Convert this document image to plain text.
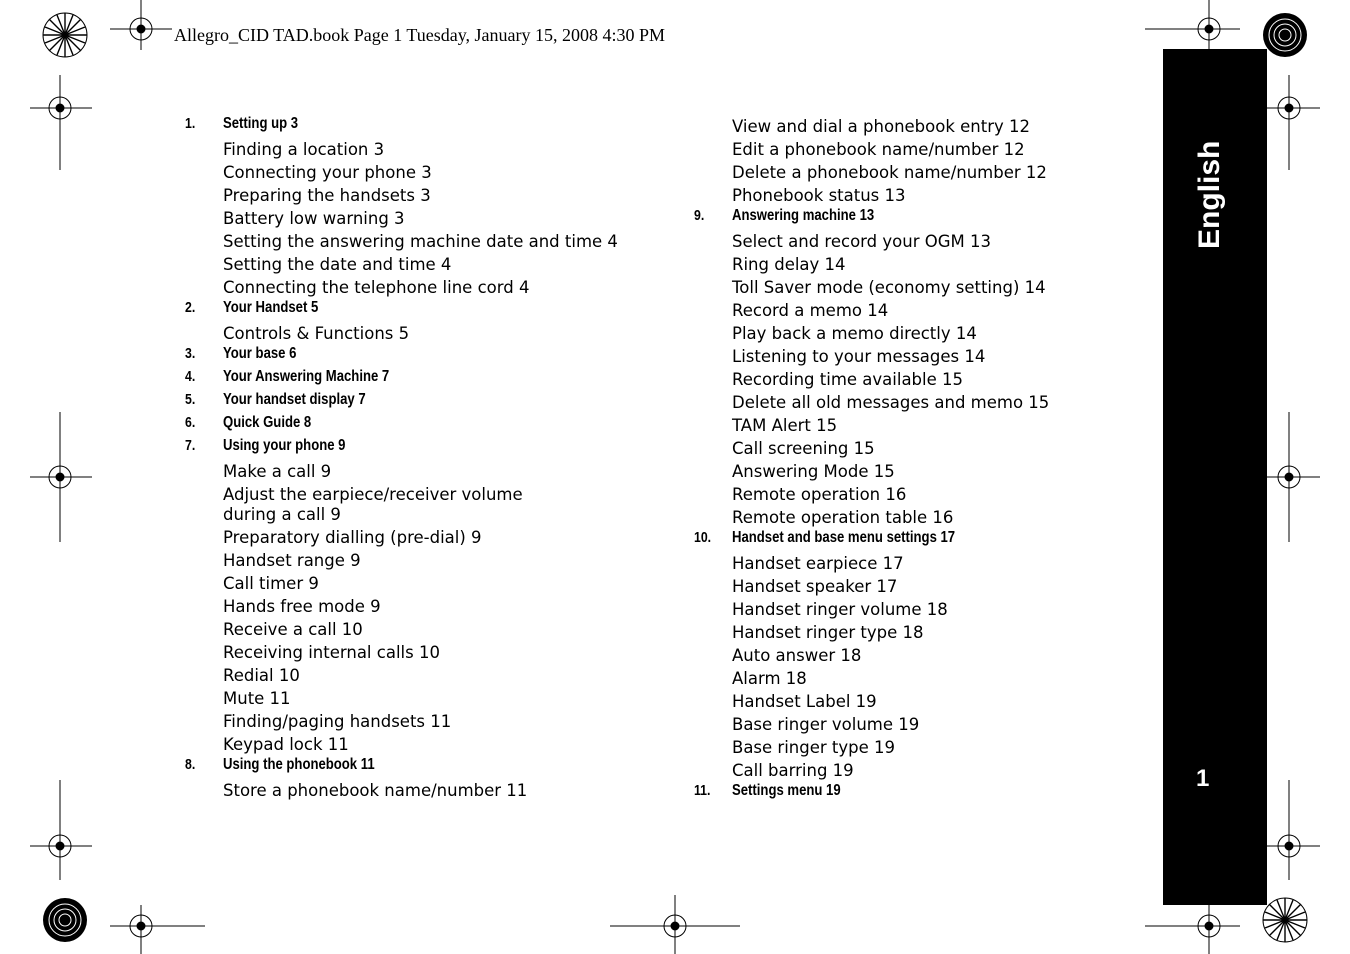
Allegro_CID TAD.book Page 1 Tuesday, January 15, 2008 4:30 PM
1.	Setting up 3
Finding a location 3
Connecting your phone 3
Preparing the handsets 3
Battery low warning 3
Setting the answering machine date and time 4
Setting the date and time 4
Connecting the telephone line cord 4
2.	Your Handset 5
Controls & Functions 5
3.	Your base 6
4.	Your Answering Machine 7
5.	Your handset display 7
6.	Quick Guide 8
7.	Using your phone 9
Make a call 9
Adjust the earpiece/receiver volume
during a call 9
Preparatory dialling (pre-dial) 9
Handset range 9
Call timer 9
Hands free mode 9
Receive a call 10
Receiving internal calls 10
Redial 10
Mute 11
Finding/paging handsets 11
Keypad lock 11
8.	Using the phonebook 11
Store a phonebook name/number 11
View and dial a phonebook entry 12
Edit a phonebook name/number 12
Delete a phonebook name/number 12
Phonebook status 13
9.	Answering machine 13
Select and record your OGM 13
Ring delay 14
Toll Saver mode (economy setting) 14
Record a memo 14
Play back a memo directly 14
Listening to your messages 14
Recording time available 15
Delete all old messages and memo 15
TAM Alert 15
Call screening 15
Answering Mode 15
Remote operation 16
Remote operation table 16
10.	Handset and base menu settings 17
Handset earpiece 17
Handset speaker 17
Handset ringer volume 18
Handset ringer type 18
Auto answer 18
Alarm 18
Handset Label 19
Base ringer volume 19
Base ringer type 19
Call barring 19
11.	Settings menu 19
English
1
